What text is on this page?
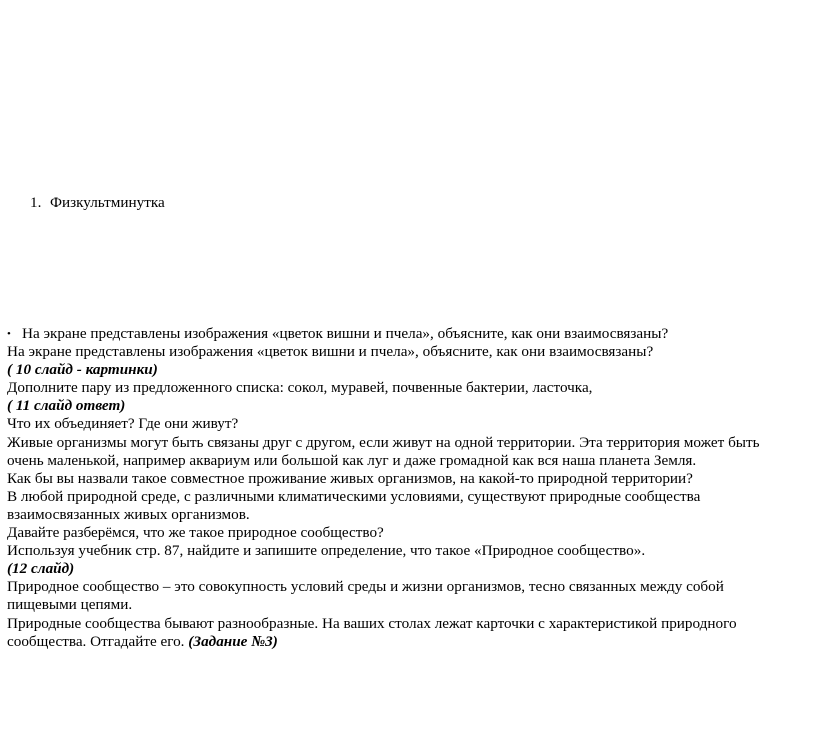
1. Физкультминутка
• На экране представлены изображения «цветок вишни и пчела», объясните, как они взаимосвязаны?
На экране представлены изображения «цветок вишни и пчела», объясните, как они взаимосвязаны?
( 10 слайд - картинки)
Дополните пару из предложенного списка: сокол, муравей, почвенные бактерии, ласточка,
( 11 слайд ответ)
Что их объединяет? Где они живут?
Живые организмы могут быть связаны друг с другом, если живут на одной территории. Эта территория может быть очень маленькой, например аквариум или большой как луг и даже громадной как вся наша планета Земля.
Как бы вы назвали такое совместное проживание живых организмов, на какой-то природной территории?
В любой природной среде, с различными климатическими условиями, существуют природные сообщества взаимосвязанных живых организмов.
Давайте разберёмся, что же такое природное сообщество?
Используя учебник стр. 87, найдите и запишите определение, что такое «Природное сообщество».
(12 слайд)
Природное сообщество – это совокупность условий среды и жизни организмов, тесно связанных между собой пищевыми цепями.
Природные сообщества бывают разнообразные. На ваших столах лежат карточки с характеристикой природного сообщества. Отгадайте его. (Задание №3)
